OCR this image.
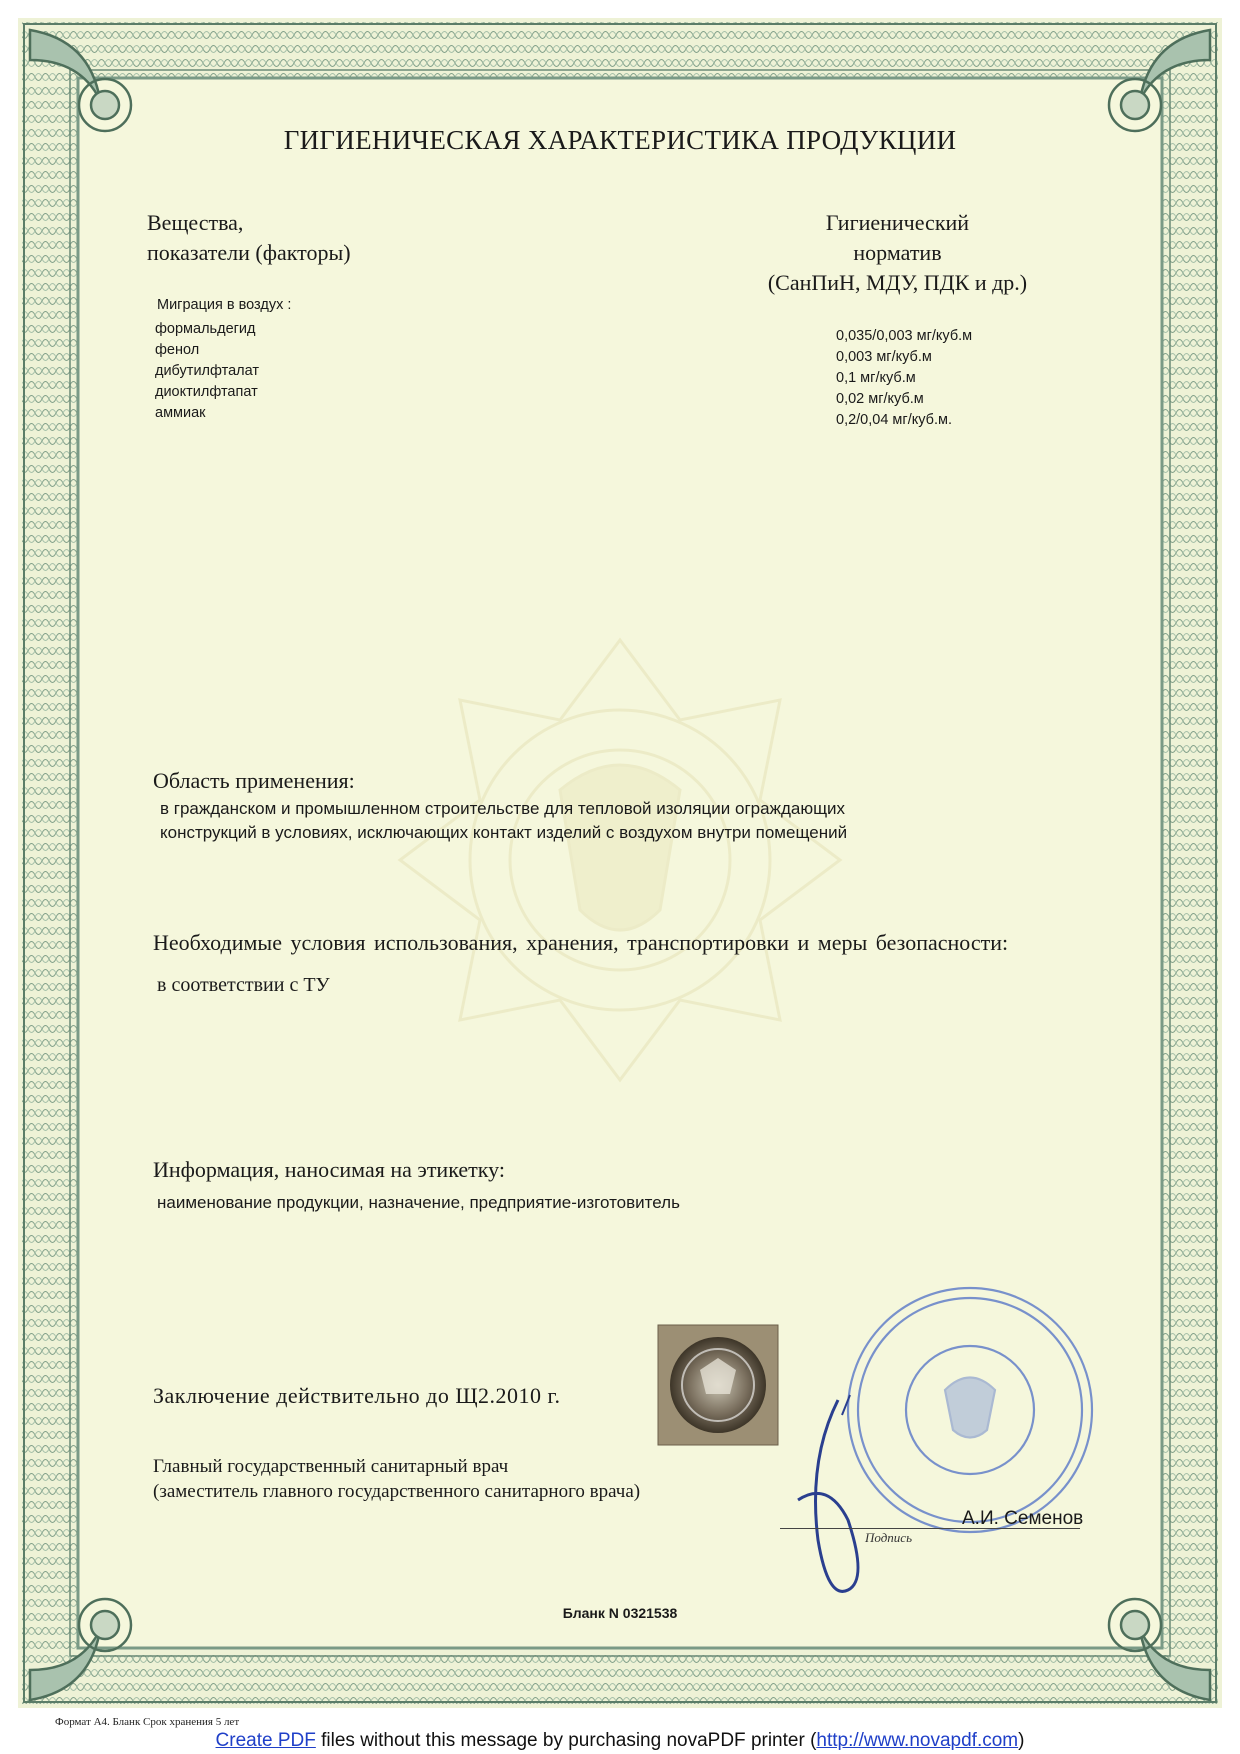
ГИГИЕНИЧЕСКАЯ ХАРАКТЕРИСТИКА ПРОДУКЦИИ
Вещества,
показатели (факторы)
Гигиенический
норматив
(СанПиН, МДУ, ПДК и др.)
Миграция в воздух :
формальдегид
фенол
дибутилфталат
диоктилфтапат
аммиак
0,035/0,003 мг/куб.м
0,003 мг/куб.м
0,1 мг/куб.м
0,02 мг/куб.м
0,2/0,04 мг/куб.м.
Область применения:
в гражданском и промышленном строительстве для тепловой изоляции ограждающих
конструкций в условиях, исключающих контакт изделий с воздухом внутри помещений
Необходимые условия использования, хранения, транспортировки и меры безопасности:
в соответствии с ТУ
Информация, наносимая на этикетку:
наименование продукции, назначение, предприятие-изготовитель
Заключение действительно до Щ2.2010 г.
Главный государственный санитарный врач
(заместитель главного государственного санитарного врача)
Подпись
А.И. Семенов
Бланк N 0321538
Формат А4. Бланк Срок хранения 5 лет
Create PDF files without this message by purchasing novaPDF printer (http://www.novapdf.com)
